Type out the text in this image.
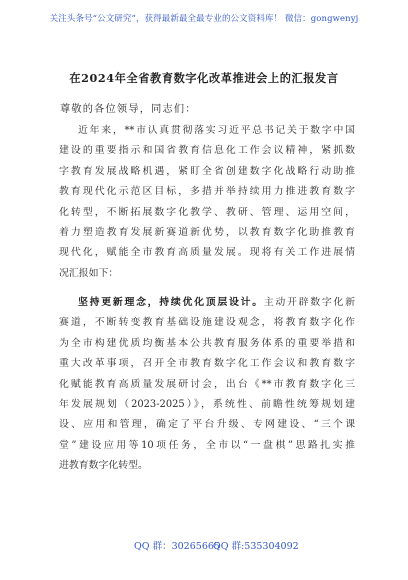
关注头条号“公文研究”，获得最新最全最专业的公文资料库！ 微信：gongwenyj
在2024年全省教育数字化改革推进会上的汇报发言
尊敬的各位领导，同志们：
近年来，**市认真贯彻落实习近平总书记关于数字中国
建设的重要指示和国省教育信息化工作会议精神，紧抓数
字教育发展战略机遇，紧盯全省创建数字化战略行动助推
教育现代化示范区目标，多措并举持续用力推进教育数字
化转型，不断拓展数字化教学、教研、管理、运用空间，
着力塑造教育发展新赛道新优势，以教育数字化助推教育
现代化，赋能全市教育高质量发展。现将有关工作进展情
况汇报如下：
坚持更新理念，持续优化顶层设计。主动开辟数字化新
赛道，不断转变教育基础设施建设观念，将教育数字化作
为全市构建优质均衡基本公共教育服务体系的重要举措和
重大改革事项，召开全市教育数字化工作会议和教育数字
化赋能教育高质量发展研讨会，出台《**市教育数字化三
年发展规划（2023-2025）》，系统性、前瞻性统筹规划建
设、应用和管理，确定了平台升级、专网建设、“三个课
堂”建设应用等10项任务，全市以“一盘棋”思路扎实推
进教育数字化转型。
QQ 群：30265665
QQ 群:535304092
